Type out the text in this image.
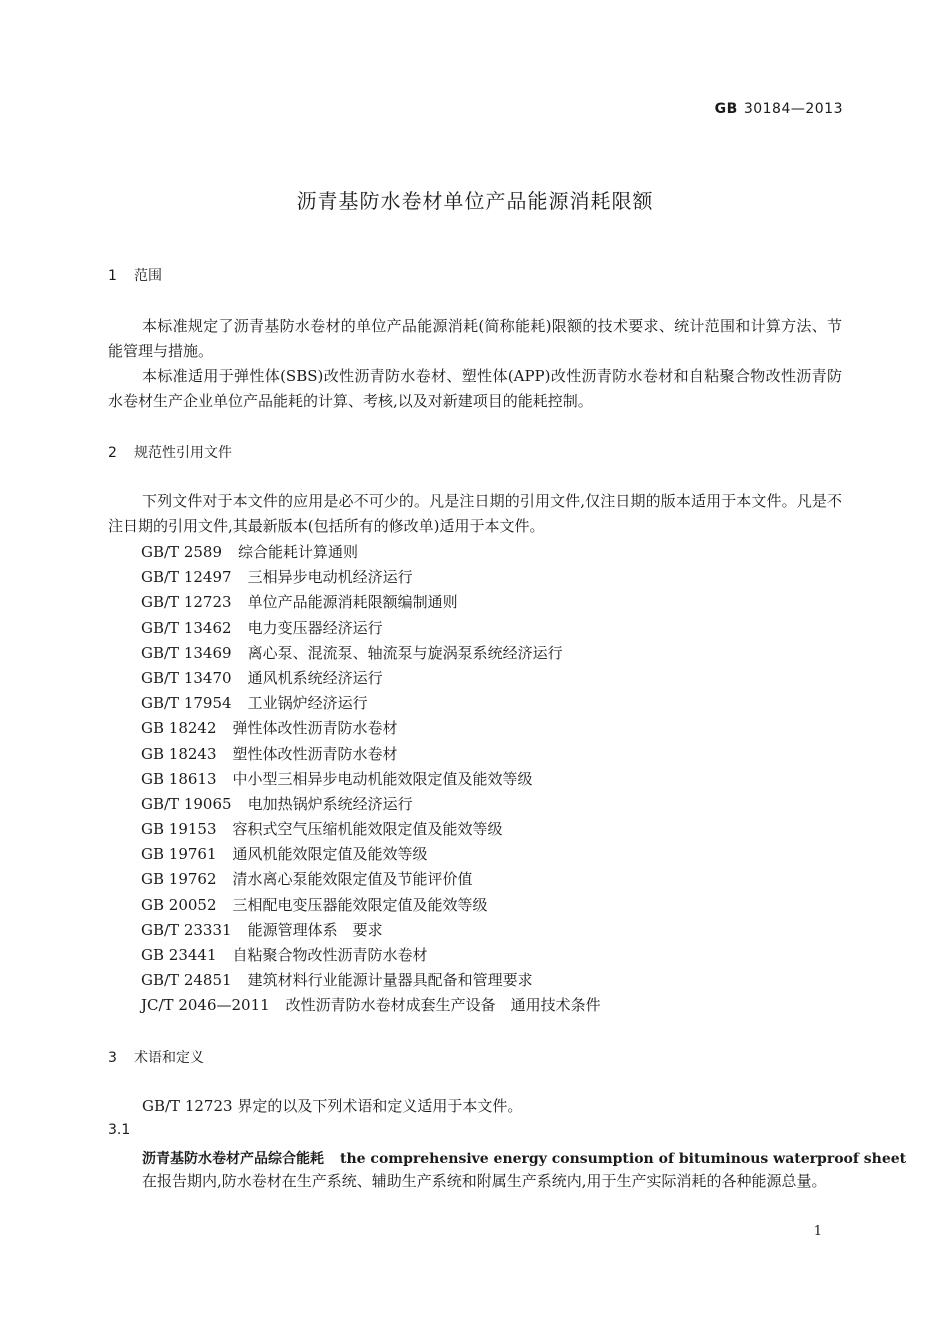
GB 30184—2013
沥青基防水卷材单位产品能源消耗限额
1 范围
本标准规定了沥青基防水卷材的单位产品能源消耗(简称能耗)限额的技术要求、统计范围和计算方法、节能管理与措施。
本标准适用于弹性体(SBS)改性沥青防水卷材、塑性体(APP)改性沥青防水卷材和自粘聚合物改性沥青防水卷材生产企业单位产品能耗的计算、考核,以及对新建项目的能耗控制。
2 规范性引用文件
下列文件对于本文件的应用是必不可少的。凡是注日期的引用文件,仅注日期的版本适用于本文件。凡是不注日期的引用文件,其最新版本(包括所有的修改单)适用于本文件。
GB/T 2589 综合能耗计算通则
GB/T 12497 三相异步电动机经济运行
GB/T 12723 单位产品能源消耗限额编制通则
GB/T 13462 电力变压器经济运行
GB/T 13469 离心泵、混流泵、轴流泵与旋涡泵系统经济运行
GB/T 13470 通风机系统经济运行
GB/T 17954 工业锅炉经济运行
GB 18242 弹性体改性沥青防水卷材
GB 18243 塑性体改性沥青防水卷材
GB 18613 中小型三相异步电动机能效限定值及能效等级
GB/T 19065 电加热锅炉系统经济运行
GB 19153 容积式空气压缩机能效限定值及能效等级
GB 19761 通风机能效限定值及能效等级
GB 19762 清水离心泵能效限定值及节能评价值
GB 20052 三相配电变压器能效限定值及能效等级
GB/T 23331 能源管理体系　要求
GB 23441 自粘聚合物改性沥青防水卷材
GB/T 24851 建筑材料行业能源计量器具配备和管理要求
JC/T 2046—2011 改性沥青防水卷材成套生产设备　通用技术条件
3 术语和定义
GB/T 12723 界定的以及下列术语和定义适用于本文件。
3.1
沥青基防水卷材产品综合能耗 the comprehensive energy consumption of bituminous waterproof sheet
在报告期内,防水卷材在生产系统、辅助生产系统和附属生产系统内,用于生产实际消耗的各种能源总量。
1
